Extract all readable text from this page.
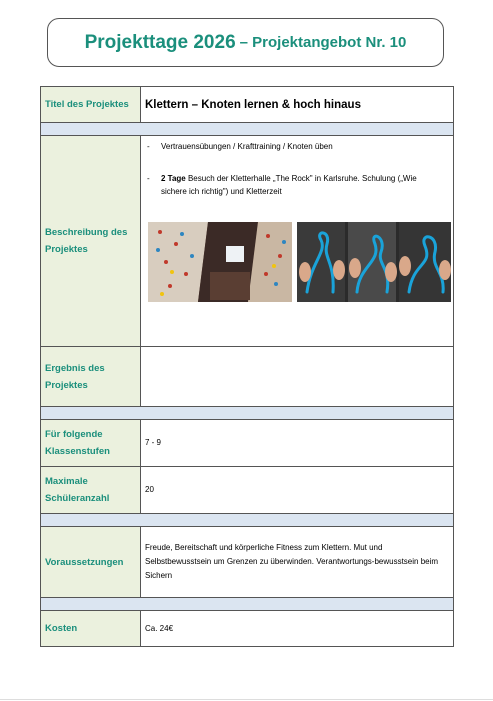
Projekttage 2026 – Projektangebot Nr. 10
Titel des Projektes	Klettern – Knoten lernen & hoch hinaus

Beschreibung des Projektes	- Vertrauensübungen / Krafttraining / Knoten üben
- 2 Tage Besuch der Kletterhalle „The Rock" in Karlsruhe. Schulung („Wie sichere ich richtig") und Kletterzeit

Ergebnis des Projektes	

Für folgende Klassenstufen	7 - 9
Maximale Schüleranzahl	20

Voraussetzungen	Freude, Bereitschaft und körperliche Fitness zum Klettern. Mut und Selbstbewusstsein um Grenzen zu überwinden. Verantwortungs-bewusstsein beim Sichern

Kosten	Ca. 24€
